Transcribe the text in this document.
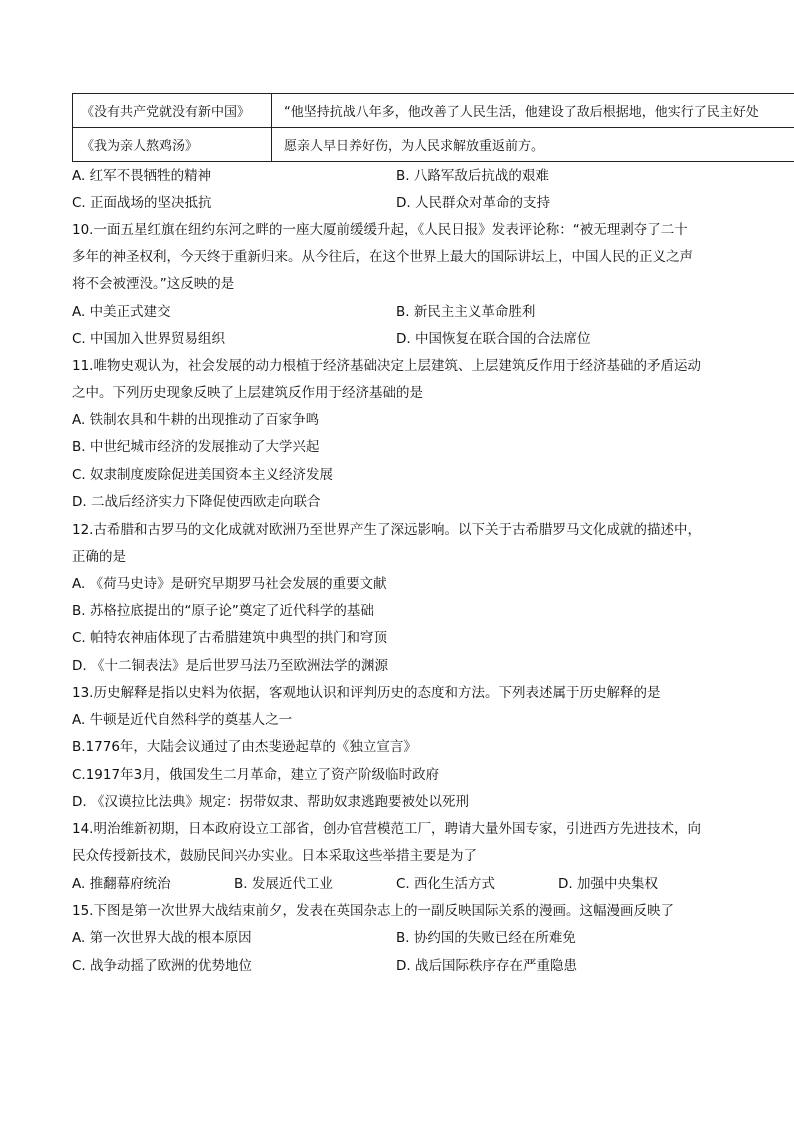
《没有共产党就没有新中国》	“他坚持抗战八年多，他改善了人民生活，他建设了敌后根据地，他实行了民主好处
《我为亲人熬鸡汤》	愿亲人早日养好伤，为人民求解放重返前方。
A. 红军不畏牺牲的精神	B. 八路军敌后抗战的艰难
C. 正面战场的坚决抵抗	D. 人民群众对革命的支持
10.一面五星红旗在纽约东河之畔的一座大厦前缓缓升起，《人民日报》发表评论称：“被无理剥夺了二十
多年的神圣权利，今天终于重新归来。从今往后，在这个世界上最大的国际讲坛上，中国人民的正义之声
将不会被湮没。”这反映的是
A. 中美正式建交	B. 新民主主义革命胜利
C. 中国加入世界贸易组织	D. 中国恢复在联合国的合法席位
11.唯物史观认为，社会发展的动力根植于经济基础决定上层建筑、上层建筑反作用于经济基础的矛盾运动
之中。下列历史现象反映了上层建筑反作用于经济基础的是
A. 铁制农具和牛耕的出现推动了百家争鸣
B. 中世纪城市经济的发展推动了大学兴起
C. 奴隶制度废除促进美国资本主义经济发展
D. 二战后经济实力下降促使西欧走向联合
12.古希腊和古罗马的文化成就对欧洲乃至世界产生了深远影响。以下关于古希腊罗马文化成就的描述中，
正确的是
A. 《荷马史诗》是研究早期罗马社会发展的重要文献
B. 苏格拉底提出的“原子论”奠定了近代科学的基础
C. 帕特农神庙体现了古希腊建筑中典型的拱门和穹顶
D. 《十二铜表法》是后世罗马法乃至欧洲法学的渊源
13.历史解释是指以史料为依据，客观地认识和评判历史的态度和方法。下列表述属于历史解释的是
A. 牛顿是近代自然科学的奠基人之一
B.1776年，大陆会议通过了由杰斐逊起草的《独立宣言》
C.1917年3月，俄国发生二月革命，建立了资产阶级临时政府
D. 《汉谟拉比法典》规定：拐带奴隶、帮助奴隶逃跑要被处以死刑
14.明治维新初期，日本政府设立工部省，创办官营模范工厂，聘请大量外国专家，引进西方先进技术，向
民众传授新技术，鼓励民间兴办实业。日本采取这些举措主要是为了
A. 推翻幕府统治	B. 发展近代工业	C. 西化生活方式	D. 加强中央集权
15.下图是第一次世界大战结束前夕，发表在英国杂志上的一副反映国际关系的漫画。这幅漫画反映了
A. 第一次世界大战的根本原因	B. 协约国的失败已经在所难免
C. 战争动摇了欧洲的优势地位	D. 战后国际秩序存在严重隐患
